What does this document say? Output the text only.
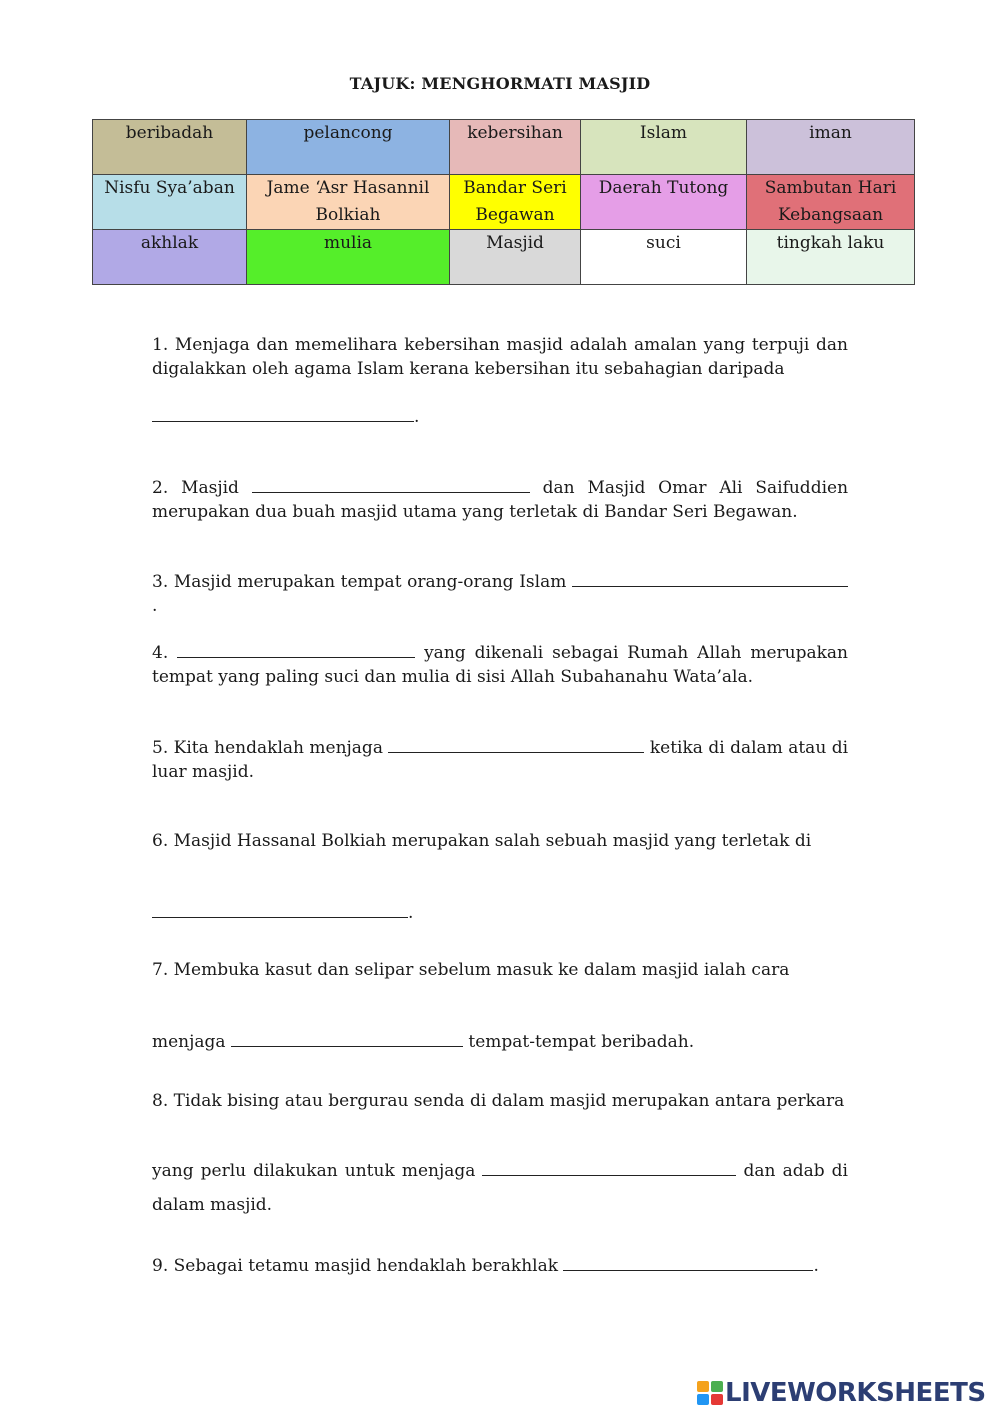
TAJUK: MENGHORMATI MASJID
beribadah	pelancong	kebersihan	Islam	iman
Nisfu Sya’aban	Jame ‘Asr Hasannil Bolkiah	Bandar Seri Begawan	Daerah Tutong	Sambutan Hari Kebangsaan
akhlak	mulia	Masjid	suci	tingkah laku
1. Menjaga dan memelihara kebersihan masjid adalah amalan yang terpuji dan digalakkan oleh agama Islam kerana kebersihan itu sebahagian daripada
.
2. Masjid	dan Masjid Omar Ali Saifuddien merupakan dua buah masjid utama yang terletak di Bandar Seri Begawan.
3. Masjid merupakan tempat orang-orang Islam .
4.	yang dikenali sebagai Rumah Allah merupakan tempat yang paling suci dan mulia di sisi Allah Subahanahu Wata’ala.
5. Kita hendaklah menjaga	ketika di dalam atau di luar masjid.
6. Masjid Hassanal Bolkiah merupakan salah sebuah masjid yang terletak di
.
7. Membuka kasut dan selipar sebelum masuk ke dalam masjid ialah cara
menjaga	tempat-tempat beribadah.
8. Tidak bising atau bergurau senda di dalam masjid merupakan antara perkara
yang perlu dilakukan untuk menjaga	dan adab di dalam masjid.
9. Sebagai tetamu masjid hendaklah berakhlak	.
LIVEWORKSHEETS
